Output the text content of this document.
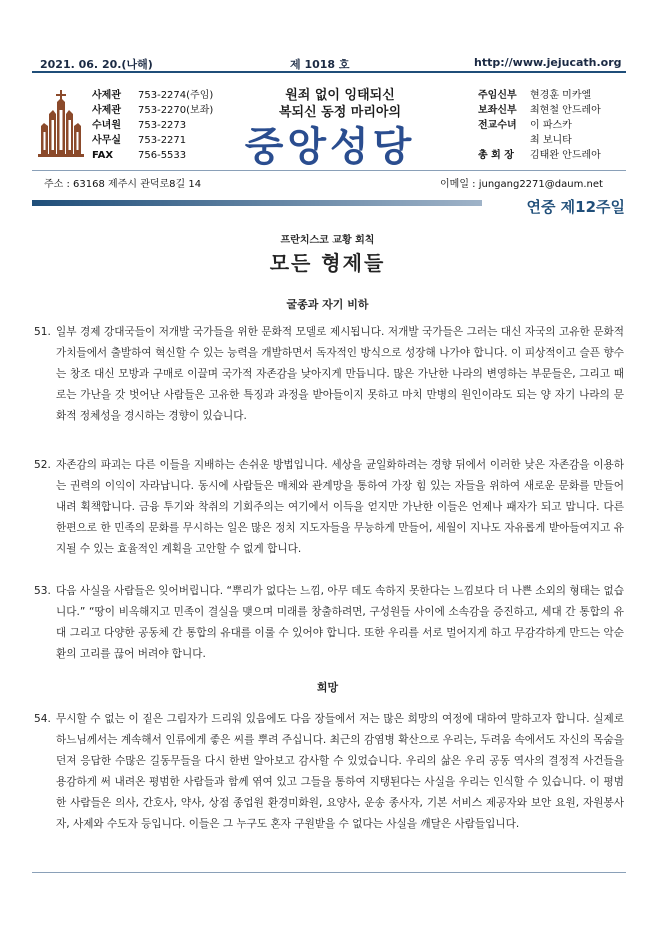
2021. 06. 20.(나해)	제 1018 호	http://www.jejucath.org
사제관 753-2274(주임)
사제관 753-2270(보좌)
수녀원 753-2273
사무실 753-2271
FAX 756-5533
원죄 없이 잉태되신
복되신 동정 마리아의
중앙성당
주임신부 현경훈 미카엘
보좌신부 최현철 안드레아
전교수녀 이 파스카
최 보니타
총 회 장 김태완 안드레아
주소 : 63168 제주시 관덕로8길 14	이메일 : jungang2271@daum.net
연중 제12주일
프란치스코 교황 회칙
모든 형제들
굴종과 자기 비하
51. 일부 경제 강대국들이 저개발 국가들을 위한 문화적 모델로 제시됩니다. 저개발 국가들은 그러는 대신 자국의 고유한 문화적 가치들에서 출발하여 혁신할 수 있는 능력을 개발하면서 독자적인 방식으로 성장해 나가야 합니다. 이 피상적이고 슬픈 향수는 창조 대신 모방과 구매로 이끌며 국가적 자존감을 낮아지게 만듭니다. 많은 가난한 나라의 변영하는 부문들은, 그리고 때로는 가난을 갓 벗어난 사람들은 고유한 특징과 과정을 받아들이지 못하고 마치 만병의 원인이라도 되는 양 자기 나라의 문화적 정체성을 경시하는 경향이 있습니다.
52. 자존감의 파괴는 다른 이들을 지배하는 손쉬운 방법입니다. 세상을 균일화하려는 경향 뒤에서 이러한 낮은 자존감을 이용하는 권력의 이익이 자라납니다. 동시에 사람들은 매체와 관계망을 통하여 가장 힘 있는 자들을 위하여 새로운 문화를 만들어 내려 획책합니다. 금융 투기와 착취의 기회주의는 여기에서 이득을 얻지만 가난한 이들은 언제나 패자가 되고 맙니다. 다른 한편으로 한 민족의 문화를 무시하는 일은 많은 정치 지도자들을 무능하게 만들어, 세월이 지나도 자유롭게 받아들여지고 유지될 수 있는 효율적인 계획을 고안할 수 없게 합니다.
53. 다음 사실을 사람들은 잊어버립니다. “뿌리가 없다는 느낌, 아무 데도 속하지 못한다는 느낌보다 더 나쁜 소외의 형태는 없습니다.” “땅이 비옥해지고 민족이 결실을 맺으며 미래를 창출하려면, 구성원들 사이에 소속감을 증진하고, 세대 간 통합의 유대 그리고 다양한 공동체 간 통합의 유대를 이룰 수 있어야 합니다. 또한 우리를 서로 멀어지게 하고 무감각하게 만드는 악순환의 고리를 끊어 버려야 합니다.
희망
54. 무시할 수 없는 이 짙은 그림자가 드리워 있음에도 다음 장들에서 저는 많은 희망의 여정에 대하여 말하고자 합니다. 실제로 하느님께서는 계속해서 인류에게 좋은 씨를 뿌려 주십니다. 최근의 감염병 확산으로 우리는, 두려움 속에서도 자신의 목숨을 던져 응답한 수많은 길동무들을 다시 한번 알아보고 감사할 수 있었습니다. 우리의 삶은 우리 공동 역사의 결정적 사건들을 용감하게 써 내려온 평범한 사람들과 함께 엮여 있고 그들을 통하여 지탱된다는 사실을 우리는 인식할 수 있습니다. 이 평범한 사람들은 의사, 간호사, 약사, 상점 종업원 환경미화원, 요양사, 운송 종사자, 기본 서비스 제공자와 보안 요원, 자원봉사자, 사제와 수도자 등입니다. 이들은 그 누구도 혼자 구원받을 수 없다는 사실을 깨달은 사람들입니다.
